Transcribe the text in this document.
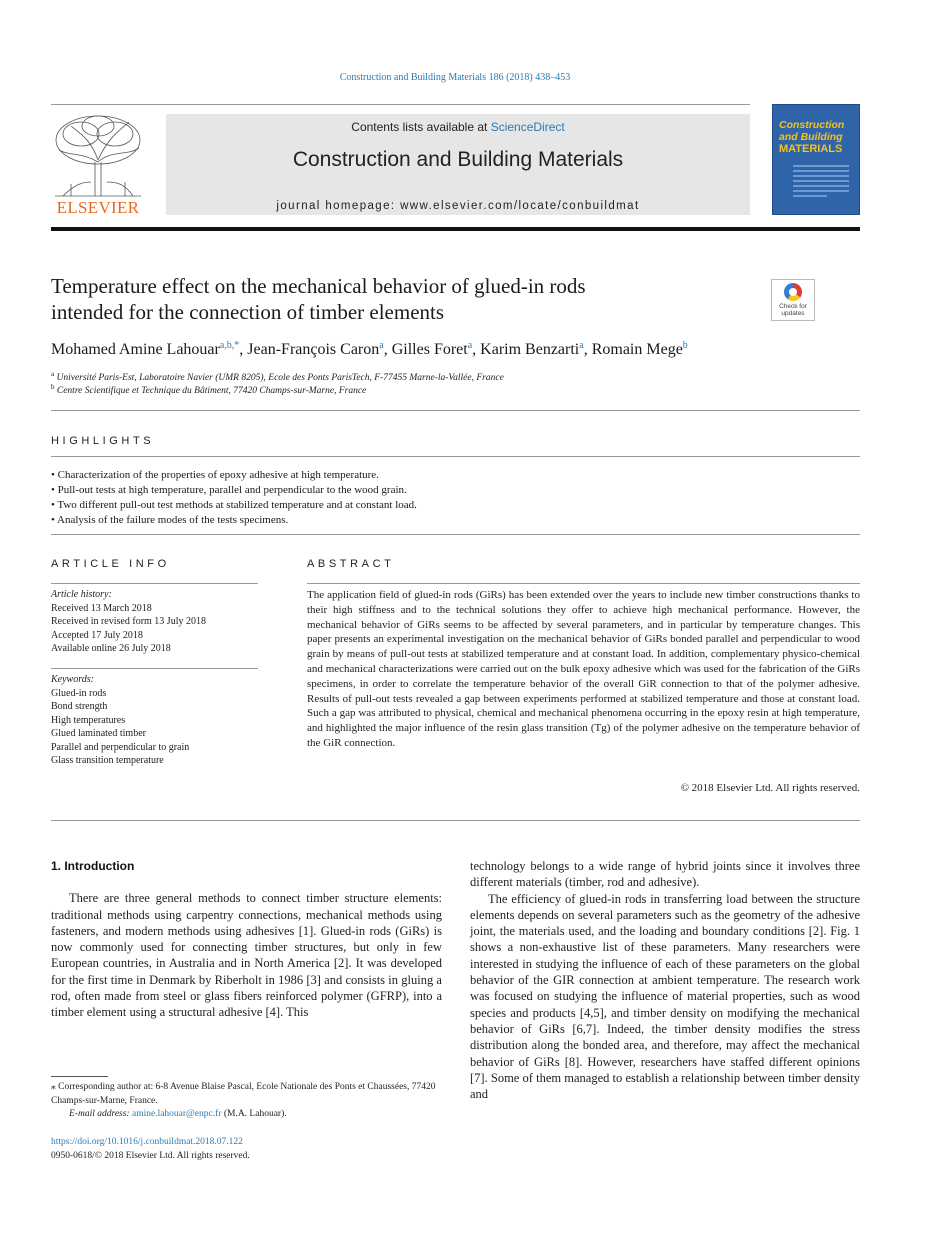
Construction and Building Materials 186 (2018) 438–453
ELSEVIER
Contents lists available at ScienceDirect
Construction and Building Materials
journal homepage: www.elsevier.com/locate/conbuildmat
Construction
and Building
MATERIALS
Temperature effect on the mechanical behavior of glued-in rods
intended for the connection of timber elements	Check for
updates
Mohamed Amine Lahouar$^{a,b,*}$, Jean-François Caron$^a$, Gilles Foret$^a$, Karim Benzarti$^a$, Romain Mege$^b$
$^a$ Université Paris-Est, Laboratoire Navier (UMR 8205), Ecole des Ponts ParisTech, F-77455 Marne-la-Vallée, France
$^b$ Centre Scientifique et Technique du Bâtiment, 77420 Champs-sur-Marne, France
HIGHLIGHTS
• Characterization of the properties of epoxy adhesive at high temperature.
• Pull-out tests at high temperature, parallel and perpendicular to the wood grain.
• Two different pull-out test methods at stabilized temperature and at constant load.
• Analysis of the failure modes of the tests specimens.
ARTICLE INFO
Article history:
Received 13 March 2018
Received in revised form 13 July 2018
Accepted 17 July 2018
Available online 26 July 2018
Keywords:
Glued-in rods
Bond strength
High temperatures
Glued laminated timber
Parallel and perpendicular to grain
Glass transition temperature
ABSTRACT
The application field of glued-in rods (GiRs) has been extended over the years to include new timber constructions thanks to their high stiffness and to the technical solutions they offer to achieve high mechanical performance. However, the mechanical behavior of GiRs seems to be affected by several parameters, and in particular by temperature changes. This paper presents an experimental investigation on the mechanical behavior of GiRs bonded parallel and perpendicular to wood grain by means of pull-out tests at stabilized temperature and at constant load. In addition, complementary physico-chemical and mechanical characterizations were carried out on the bulk epoxy adhesive which was used for the fabrication of the GiRs specimens, in order to correlate the temperature behavior of the overall GiR connection to that of the polymer adhesive. Results of pull-out tests revealed a gap between experiments performed at stabilized temperature and those at constant load. Such a gap was attributed to physical, chemical and mechanical phenomena occurring in the epoxy resin at high temperature, and highlighted the major influence of the resin glass transition (Tg) of the polymer adhesive on the temperature behavior of the GiR connection.
© 2018 Elsevier Ltd. All rights reserved.
1. Introduction

There are three general methods to connect timber structure elements: traditional methods using carpentry connections, mechanical methods using fasteners, and modern methods using adhesives [1]. Glued-in rods (GiRs) is now commonly used for connecting timber structures, but only in few European countries, in Australia and in North America [2]. It was developed for the first time in Denmark by Riberholt in 1986 [3] and consists in gluing a rod, often made from steel or glass fibers reinforced polymer (GFRP), into a timber element using a structural adhesive [4]. This

technology belongs to a wide range of hybrid joints since it involves three different materials (timber, rod and adhesive).

The efficiency of glued-in rods in transferring load between the structure elements depends on several parameters such as the geometry of the adhesive joint, the materials used, and the loading and boundary conditions [2]. Fig. 1 shows a non-exhaustive list of these parameters. Many researchers were interested in studying the influence of each of these parameters on the global behavior of the GIR connection at ambient temperature. The research work was focused on studying the influence of material properties, such as wood species and products [4,5], and timber density on modifying the mechanical behavior of GiRs [6,7]. Indeed, the timber density modifies the stress distribution along the bonded area, and therefore, may affect the mechanical behavior of GiRs [8]. However, researchers have staffed different opinions [7]. Some of them managed to establish a relationship between timber density and

⁎ Corresponding author at: 6-8 Avenue Blaise Pascal, Ecole Nationale des Ponts et Chaussées, 77420 Champs-sur-Marne, France.
E-mail address: amine.lahouar@enpc.fr (M.A. Lahouar).
https://doi.org/10.1016/j.conbuildmat.2018.07.122
0950-0618/© 2018 Elsevier Ltd. All rights reserved.
